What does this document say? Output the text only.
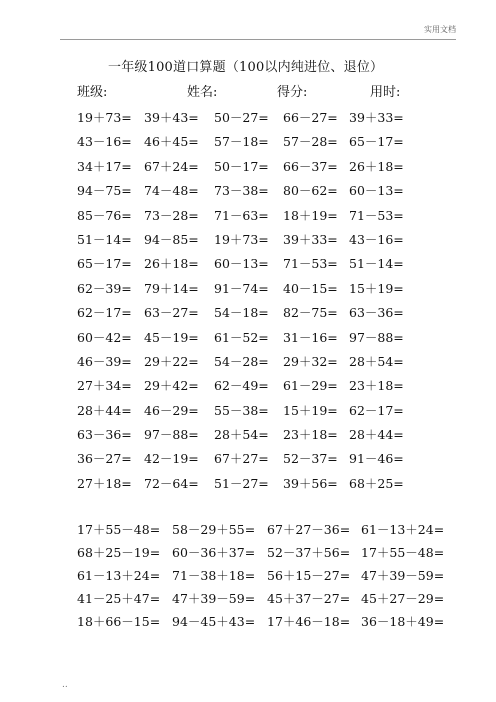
实用文档
一年级100道口算题（100以内纯进位、退位）
班级:	姓名:	得分:	用时:
19＋73= 39＋43= 50－27= 66－27= 39＋33=
43－16= 46＋45= 57－18= 57－28= 65－17=
34＋17= 67＋24= 50－17= 66－37= 26＋18=
94－75= 74－48= 73－38= 80－62= 60－13=
85－76= 73－28= 71－63= 18＋19= 71－53=
51－14= 94－85= 19＋73= 39＋33= 43－16=
65－17= 26＋18= 60－13= 71－53= 51－14=
62－39= 79＋14= 91－74= 40－15= 15＋19=
62－17= 63－27= 54－18= 82－75= 63－36=
60－42= 45－19= 61－52= 31－16= 97－88=
46－39= 29＋22= 54－28= 29＋32= 28＋54=
27＋34= 29＋42= 62－49= 61－29= 23＋18=
28＋44= 46－29= 55－38= 15＋19= 62－17=
63－36= 97－88= 28＋54= 23＋18= 28＋44=
36－27= 42－19= 67＋27= 52－37= 91－46=
27＋18= 72－64= 51－27= 39＋56= 68＋25=
17＋55－48= 58－29＋55= 67＋27－36= 61－13＋24=
68＋25－19= 60－36＋37= 52－37＋56= 17＋55－48=
61－13＋24= 71－38＋18= 56＋15－27= 47＋39－59=
41－25＋47= 47＋39－59= 45＋37－27= 45＋27－29=
18＋66－15= 94－45＋43= 17＋46－18= 36－18＋49=
..
